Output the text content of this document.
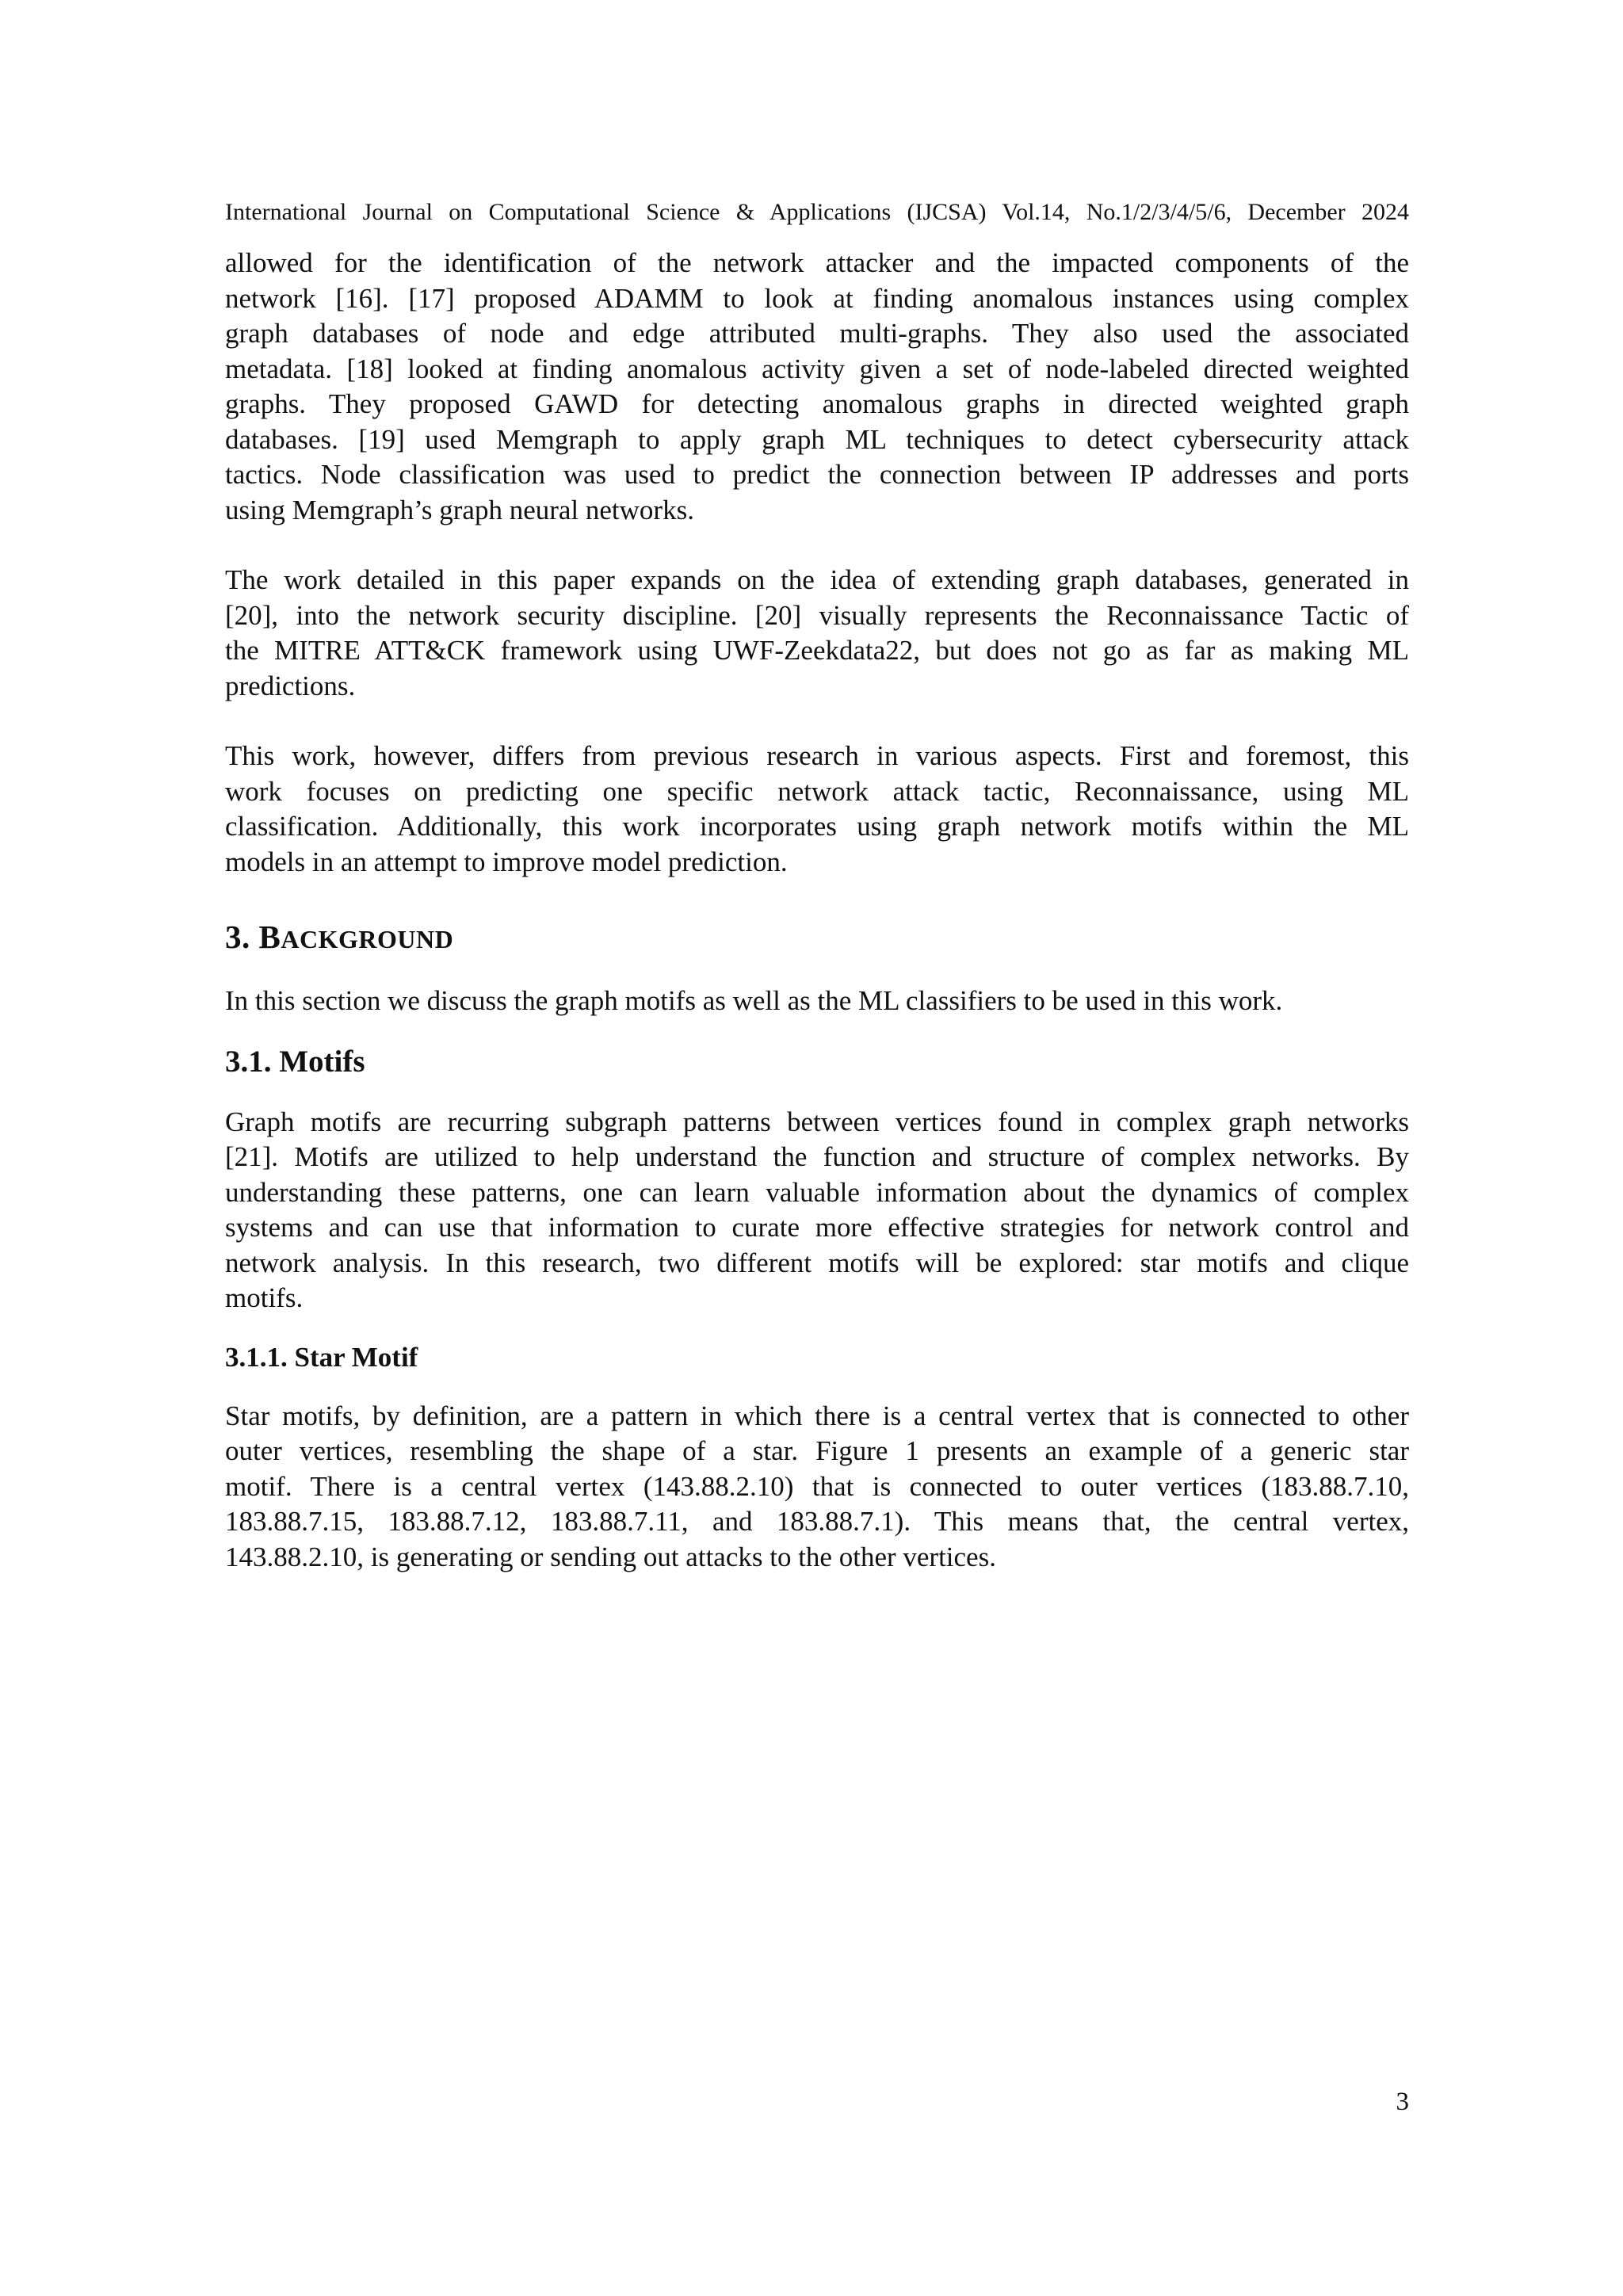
International Journal on Computational Science & Applications (IJCSA) Vol.14, No.1/2/3/4/5/6, December 2024

allowed for the identification of the network attacker and the impacted components of the
network [16]. [17] proposed ADAMM to look at finding anomalous instances using complex
graph databases of node and edge attributed multi-graphs. They also used the associated
metadata. [18] looked at finding anomalous activity given a set of node-labeled directed weighted
graphs. They proposed GAWD for detecting anomalous graphs in directed weighted graph
databases. [19] used Memgraph to apply graph ML techniques to detect cybersecurity attack
tactics. Node classification was used to predict the connection between IP addresses and ports
using Memgraph’s graph neural networks.

The work detailed in this paper expands on the idea of extending graph databases, generated in
[20], into the network security discipline. [20] visually represents the Reconnaissance Tactic of
the MITRE ATT&CK framework using UWF-Zeekdata22, but does not go as far as making ML
predictions.

This work, however, differs from previous research in various aspects. First and foremost, this
work focuses on predicting one specific network attack tactic, Reconnaissance, using ML
classification. Additionally, this work incorporates using graph network motifs within the ML
models in an attempt to improve model prediction.

3. BACKGROUND

In this section we discuss the graph motifs as well as the ML classifiers to be used in this work.

3.1. Motifs

Graph motifs are recurring subgraph patterns between vertices found in complex graph networks
[21]. Motifs are utilized to help understand the function and structure of complex networks. By
understanding these patterns, one can learn valuable information about the dynamics of complex
systems and can use that information to curate more effective strategies for network control and
network analysis. In this research, two different motifs will be explored: star motifs and clique
motifs.

3.1.1. Star Motif

Star motifs, by definition, are a pattern in which there is a central vertex that is connected to other
outer vertices, resembling the shape of a star. Figure 1 presents an example of a generic star
motif. There is a central vertex (143.88.2.10) that is connected to outer vertices (183.88.7.10,
183.88.7.15, 183.88.7.12, 183.88.7.11, and 183.88.7.1). This means that, the central vertex,
143.88.2.10, is generating or sending out attacks to the other vertices.

3
